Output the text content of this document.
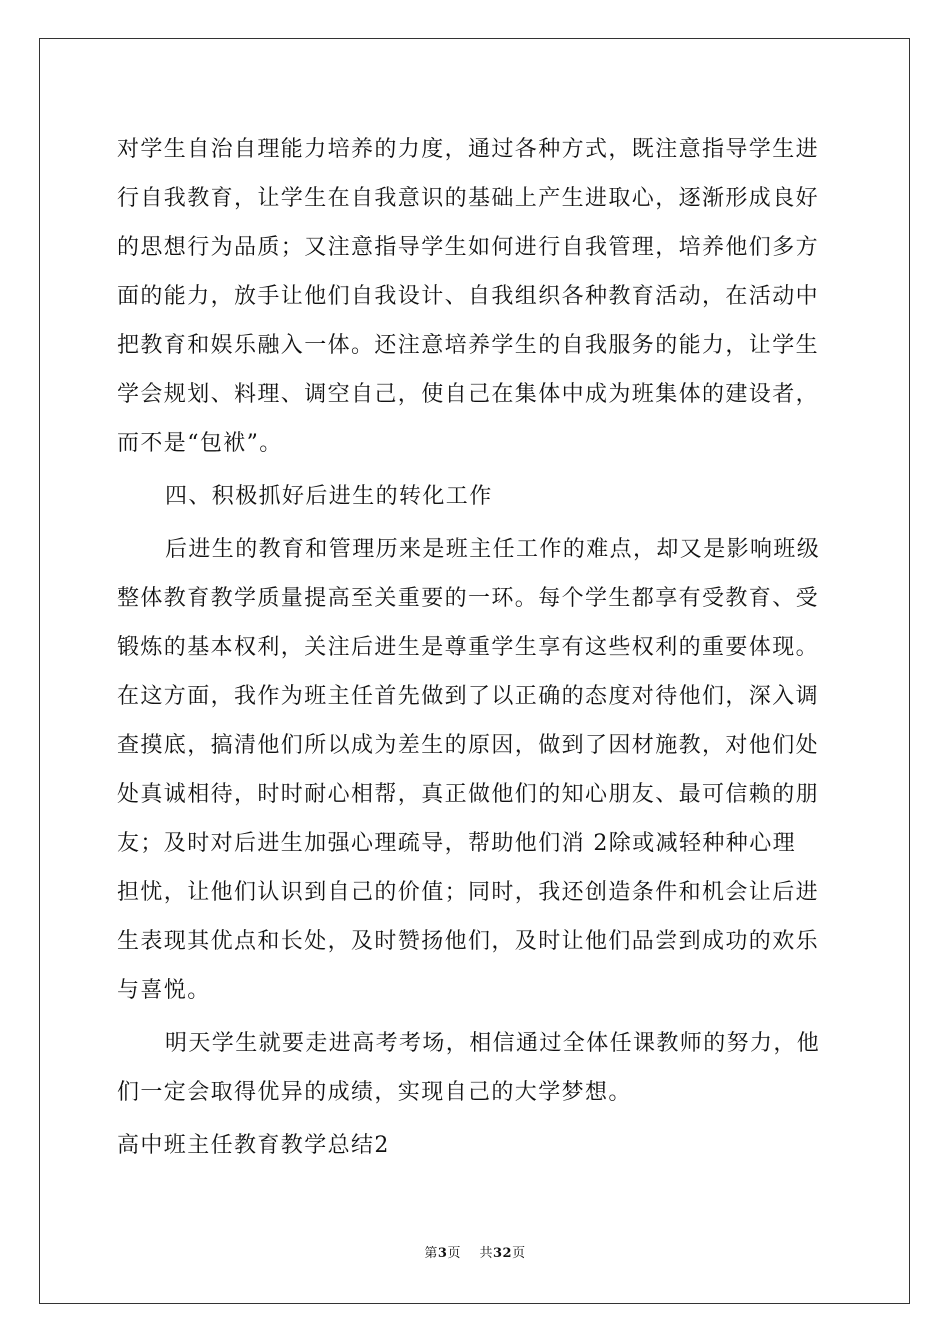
对学生自治自理能力培养的力度，通过各种方式，既注意指导学生进
行自我教育，让学生在自我意识的基础上产生进取心，逐渐形成良好
的思想行为品质；又注意指导学生如何进行自我管理，培养他们多方
面的能力，放手让他们自我设计、自我组织各种教育活动，在活动中
把教育和娱乐融入一体。还注意培养学生的自我服务的能力，让学生
学会规划、料理、调空自己，使自己在集体中成为班集体的建设者，
而不是“包袱”。
四、积极抓好后进生的转化工作
后进生的教育和管理历来是班主任工作的难点，却又是影响班级
整体教育教学质量提高至关重要的一环。每个学生都享有受教育、受
锻炼的基本权利，关注后进生是尊重学生享有这些权利的重要体现。
在这方面，我作为班主任首先做到了以正确的态度对待他们，深入调
查摸底，搞清他们所以成为差生的原因，做到了因材施教，对他们处
处真诚相待，时时耐心相帮，真正做他们的知心朋友、最可信赖的朋
友；及时对后进生加强心理疏导，帮助他们消 2除或减轻种种心理
担忧，让他们认识到自己的价值；同时，我还创造条件和机会让后进
生表现其优点和长处，及时赞扬他们，及时让他们品尝到成功的欢乐
与喜悦。
明天学生就要走进高考考场，相信通过全体任课教师的努力，他
们一定会取得优异的成绩，实现自己的大学梦想。
高中班主任教育教学总结2
第3页 共32页
